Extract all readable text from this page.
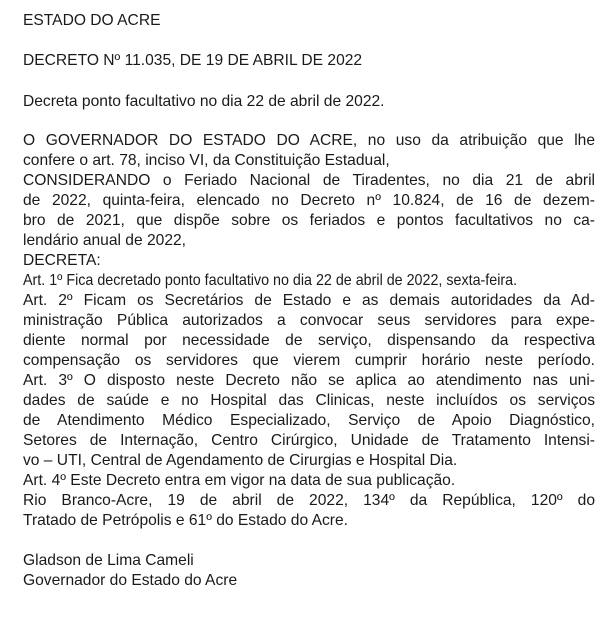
ESTADO DO ACRE
DECRETO Nº 11.035, DE 19 DE ABRIL DE 2022
Decreta ponto facultativo no dia 22 de abril de 2022.
O GOVERNADOR DO ESTADO DO ACRE, no uso da atribuição que lhe
confere o art. 78, inciso VI, da Constituição Estadual,
CONSIDERANDO o Feriado Nacional de Tiradentes, no dia 21 de abril
de 2022, quinta-feira, elencado no Decreto nº 10.824, de 16 de dezem-
bro de 2021, que dispõe sobre os feriados e pontos facultativos no ca-
lendário anual de 2022,
DECRETA:
Art. 1º Fica decretado ponto facultativo no dia 22 de abril de 2022, sexta-feira.
Art. 2º Ficam os Secretários de Estado e as demais autoridades da Ad-
ministração Pública autorizados a convocar seus servidores para expe-
diente normal por necessidade de serviço, dispensando da respectiva
compensação os servidores que vierem cumprir horário neste período.
Art. 3º O disposto neste Decreto não se aplica ao atendimento nas uni-
dades de saúde e no Hospital das Clinicas, neste incluídos os serviços
de Atendimento Médico Especializado, Serviço de Apoio Diagnóstico,
Setores de Internação, Centro Cirúrgico, Unidade de Tratamento Intensi-
vo – UTI, Central de Agendamento de Cirurgias e Hospital Dia.
Art. 4º Este Decreto entra em vigor na data de sua publicação.
Rio Branco-Acre, 19 de abril de 2022, 134º da República, 120º do
Tratado de Petrópolis e 61º do Estado do Acre.
Gladson de Lima Cameli
Governador do Estado do Acre
